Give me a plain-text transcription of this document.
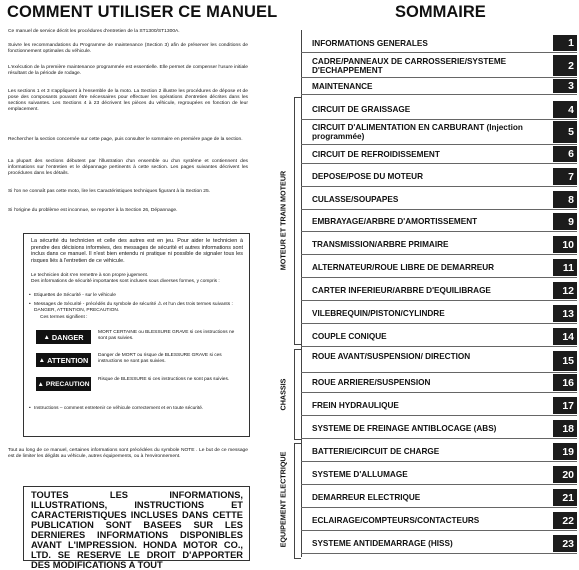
COMMENT UTILISER CE MANUEL

Ce manuel de service décrit les procédures d'entretien de la ST1300/ST1300A.

Suivre les recommandations du Programme de maintenance (Section 3) afin de préserver les conditions de fonctionnement optimales du véhicule.

L'exécution de la première maintenance programmée est essentielle. Elle permet de compenser l'usure initiale résultant de la période de rodage.

Les sections 1 et 3 s'appliquent à l'ensemble de la moto. La Section 2 illustre les procédures de dépose et de pose des composants pouvant être nécessaires pour effectuer les opérations d'entretien décrites dans les sections suivantes. Les Sections 4 à 23 décrivent les pièces du véhicule, regroupées en fonction de leur emplacement.

Rechercher la section concernée sur cette page, puis consulter le sommaire en première page de la section.

La plupart des sections débutent par l'illustration d'un ensemble ou d'un système et contiennent des informations sur l'entretien et le dépannage pertinents à cette section. Les pages suivantes décrivent les procédures dans les détails.

Si l'on ne connaît pas cette moto, lire les Caractéristiques techniques figurant à la Section 25.

Si l'origine du problème est inconnue, se reporter à la Section 26, Dépannage.

La sécurité du technicien et celle des autres est en jeu. Pour aider le technicien à prendre des décisions informées, des messages de sécurité et autres informations sont inclus dans ce manuel. Il n'est bien entendu ni pratique ni possible de signaler tous les risques liés à l'entretien de ce véhicule.

Le technicien doit s'en remettre à son propre jugement.

Des informations de sécurité importantes sont incluses sous diverses formes, y compris :

• Etiquettes de Sécurité - sur le véhicule

• Messages de Sécurité - précédés du symbole de sécurité ⚠ et l'un des trois termes suivants : DANGER, ATTENTION, PRECAUTION.

Ces termes signifient :

▲ DANGER	MORT CERTAINE ou BLESSURE GRAVE si ces instructions ne sont pas suivies.
▲ ATTENTION Danger de MORT ou risque de BLESSURE GRAVE si ces instructions ne sont pas suivies.
▲ PRECAUTION
Risque de BLESSURE si ces instructions ne sont pas suivies.

• Instructions – comment entretenir ce véhicule correctement et en toute sécurité.

Tout au long de ce manuel, certaines informations sont précédées du symbole NOTE . Le but de ce message est de limiter les dégâts au véhicule, autres équipements, ou à l'environnement.

TOUTES LES INFORMATIONS, ILLUSTRATIONS, INSTRUCTIONS ET CARACTERISTIQUES INCLUSES DANS CETTE PUBLICATION SONT BASEES SUR LES DERNIERES INFORMATIONS DISPONIBLES AVANT L'IMPRESSION. HONDA MOTOR CO., LTD. SE RESERVE LE DROIT D'APPORTER DES MODIFICATIONS A TOUT

SOMMAIRE
MOTEUR ET TRAIN MOTEUR
CHASSIS
EQUIPEMENT ELECTRIQUE
INFORMATIONS GENERALES	1
CADRE/PANNEAUX DE CARROSSERIE/SYSTEME D'ECHAPPEMENT	2
MAINTENANCE	3
CIRCUIT DE GRAISSAGE	4
CIRCUIT D'ALIMENTATION EN CARBURANT (Injection programmée)	5
CIRCUIT DE REFROIDISSEMENT	6
DEPOSE/POSE DU MOTEUR	7
CULASSE/SOUPAPES	8
EMBRAYAGE/ARBRE D'AMORTISSEMENT	9
TRANSMISSION/ARBRE PRIMAIRE	10
ALTERNATEUR/ROUE LIBRE DE DEMARREUR	11
CARTER INFERIEUR/ARBRE D'EQUILIBRAGE	12
VILEBREQUIN/PISTON/CYLINDRE	13
COUPLE CONIQUE	14
ROUE AVANT/SUSPENSION/ DIRECTION	15
ROUE ARRIERE/SUSPENSION	16
FREIN HYDRAULIQUE	17
SYSTEME DE FREINAGE ANTIBLOCAGE (ABS)	18
BATTERIE/CIRCUIT DE CHARGE	19
SYSTEME D'ALLUMAGE	20
DEMARREUR ELECTRIQUE	21
ECLAIRAGE/COMPTEURS/CONTACTEURS	22
SYSTEME ANTIDEMARRAGE (HISS)	23
